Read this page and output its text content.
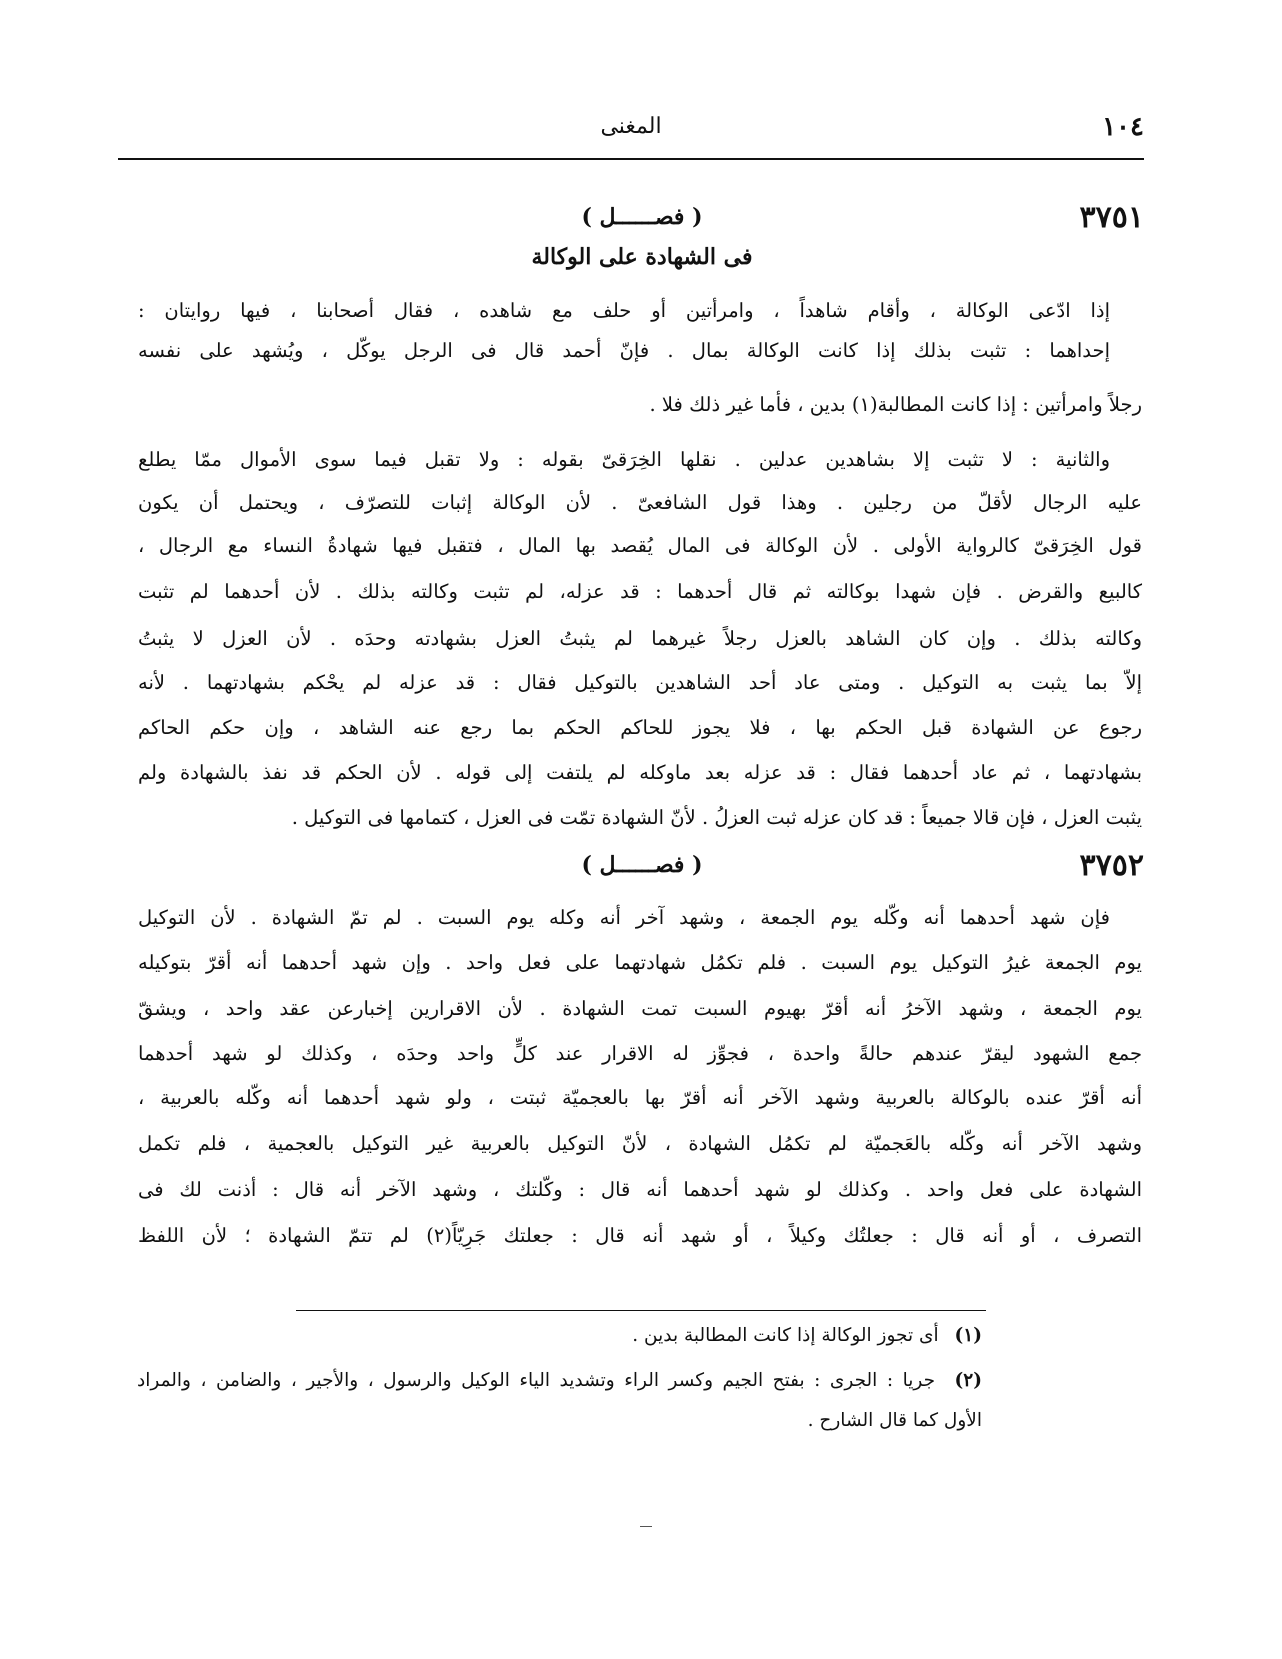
١٠٤
المغنى
٣٧٥١
( فصــــــل )
فى الشهادة على الوكالة
إذا ادّعى الوكالة ، وأقام شاهداً ، وامرأتين أو حلف مع شاهده ، فقال أصحابنا ، فيها روايتان :
إحداهما : تثبت بذلك إذا كانت الوكالة بمال . فإنّ أحمد قال فى الرجل يوكّل ، ويُشهد على نفسه
رجلاً وامرأتين : إذا كانت المطالبة(١) بدين ، فأما غير ذلك فلا .
والثانية : لا تثبت إلا بشاهدين عدلين . نقلها الخِرَقىّ بقوله : ولا تقبل فيما سوى الأموال ممّا يطلع
عليه الرجال لأقلّ من رجلين . وهذا قول الشافعىّ . لأن الوكالة إثبات للتصرّف ، ويحتمل أن يكون
قول الخِرَقىّ كالرواية الأولى . لأن الوكالة فى المال يُقصد بها المال ، فتقبل فيها شهادةُ النساء مع الرجال ،
كالبيع والقرض . فإن شهدا بوكالته ثم قال أحدهما : قد عزله، لم تثبت وكالته بذلك . لأن أحدهما لم تثبت
وكالته بذلك . وإن كان الشاهد بالعزل رجلاً غيرهما لم يثبتُ العزل بشهادته وحدَه . لأن العزل لا يثبتُ
إلاّ بما يثبت به التوكيل . ومتى عاد أحد الشاهدين بالتوكيل فقال : قد عزله لم يحْكم بشهادتهما . لأنه
رجوع عن الشهادة قبل الحكم بها ، فلا يجوز للحاكم الحكم بما رجع عنه الشاهد ، وإن حكم الحاكم
بشهادتهما ، ثم عاد أحدهما فقال : قد عزله بعد ماوكله لم يلتفت إلى قوله . لأن الحكم قد نفذ بالشهادة ولم
يثبت العزل ، فإن قالا جميعاً : قد كان عزله ثبت العزلُ . لأنّ الشهادة تمّت فى العزل ، كتمامها فى التوكيل .
٣٧٥٢
( فصــــــل )
فإن شهد أحدهما أنه وكّله يوم الجمعة ، وشهد آخر أنه وكله يوم السبت . لم تمّ الشهادة . لأن التوكيل
يوم الجمعة غيرُ التوكيل يوم السبت . فلم تكمُل شهادتهما على فعل واحد . وإن شهد أحدهما أنه أقرّ بتوكيله
يوم الجمعة ، وشهد الآخرُ أنه أقرّ بهيوم السبت تمت الشهادة . لأن الاقرارين إخبارعن عقد واحد ، ويشقّ
جمع الشهود ليقرّ عندهم حالةً واحدة ، فجوِّز له الاقرار عند كلٍّ واحد وحدَه ، وكذلك لو شهد أحدهما
أنه أقرّ عنده بالوكالة بالعربية وشهد الآخر أنه أقرّ بها بالعجميّة ثبتت ، ولو شهد أحدهما أنه وكّله بالعربية ،
وشهد الآخر أنه وكّله بالعَجميّة لم تكمُل الشهادة ، لأنّ التوكيل بالعربية غير التوكيل بالعجمية ، فلم تكمل
الشهادة على فعل واحد . وكذلك لو شهد أحدهما أنه قال : وكّلتك ، وشهد الآخر أنه قال : أذنت لك فى
التصرف ، أو أنه قال : جعلتُك وكيلاً ، أو شهد أنه قال : جعلتك جَرِيّاً(٢) لم تتمّ الشهادة ؛ لأن اللفظ
(١) أى تجوز الوكالة إذا كانت المطالبة بدين .
(٢) جريا : الجرى : بفتح الجيم وكسر الراء وتشديد الياء الوكيل والرسول ، والأجير ، والضامن ، والمراد
الأول كما قال الشارح .
